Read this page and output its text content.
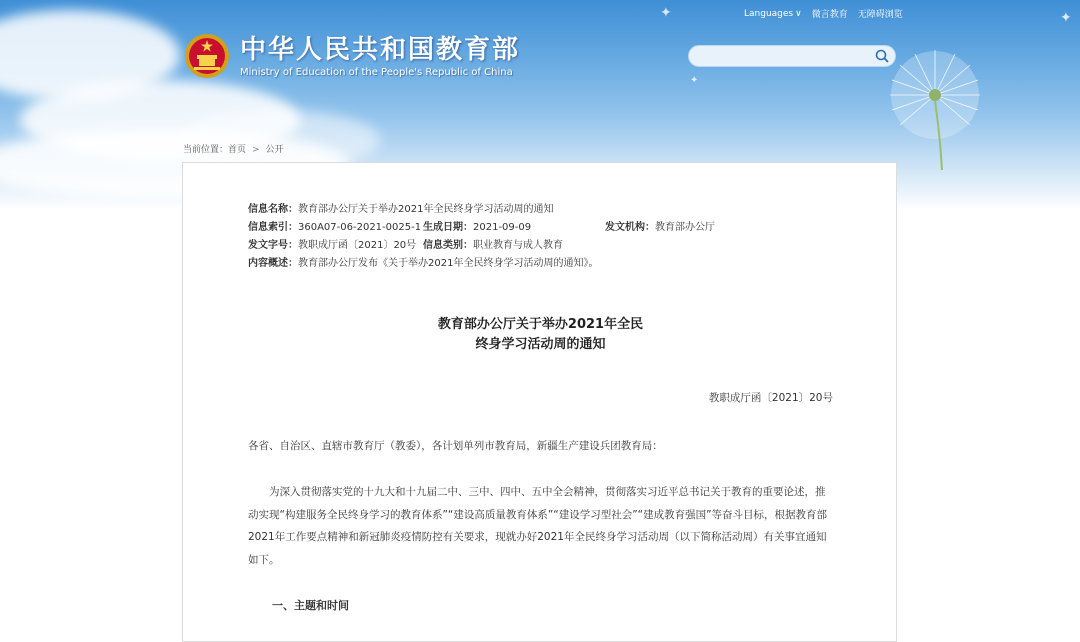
✦	✦
✦
Languages ∨ 微言教育 无障碍浏览
中华人民共和国教育部
Ministry of Education of the People's Republic of China
当前位置：首页 > 公开
信息名称：教育部办公厅关于举办2021年全民终身学习活动周的通知
信息索引：360A07-06-2021-0025-1 生成日期：2021-09-09	发文机构：教育部办公厅
发文字号：教职成厅函〔2021〕20号 信息类别：职业教育与成人教育
内容概述：教育部办公厅发布《关于举办2021年全民终身学习活动周的通知》。
教育部办公厅关于举办2021年全民
终身学习活动周的通知
教职成厅函〔2021〕20号
各省、自治区、直辖市教育厅（教委），各计划单列市教育局，新疆生产建设兵团教育局：
为深入贯彻落实党的十九大和十九届二中、三中、四中、五中全会精神，贯彻落实习近平总书记关于教育的重要论述，推动实现“构建服务全民终身学习的教育体系”“建设高质量教育体系”“建设学习型社会”“建成教育强国”等奋斗目标，根据教育部2021年工作要点精神和新冠肺炎疫情防控有关要求，现就办好2021年全民终身学习活动周（以下简称活动周）有关事宜通知如下。
一、主题和时间
